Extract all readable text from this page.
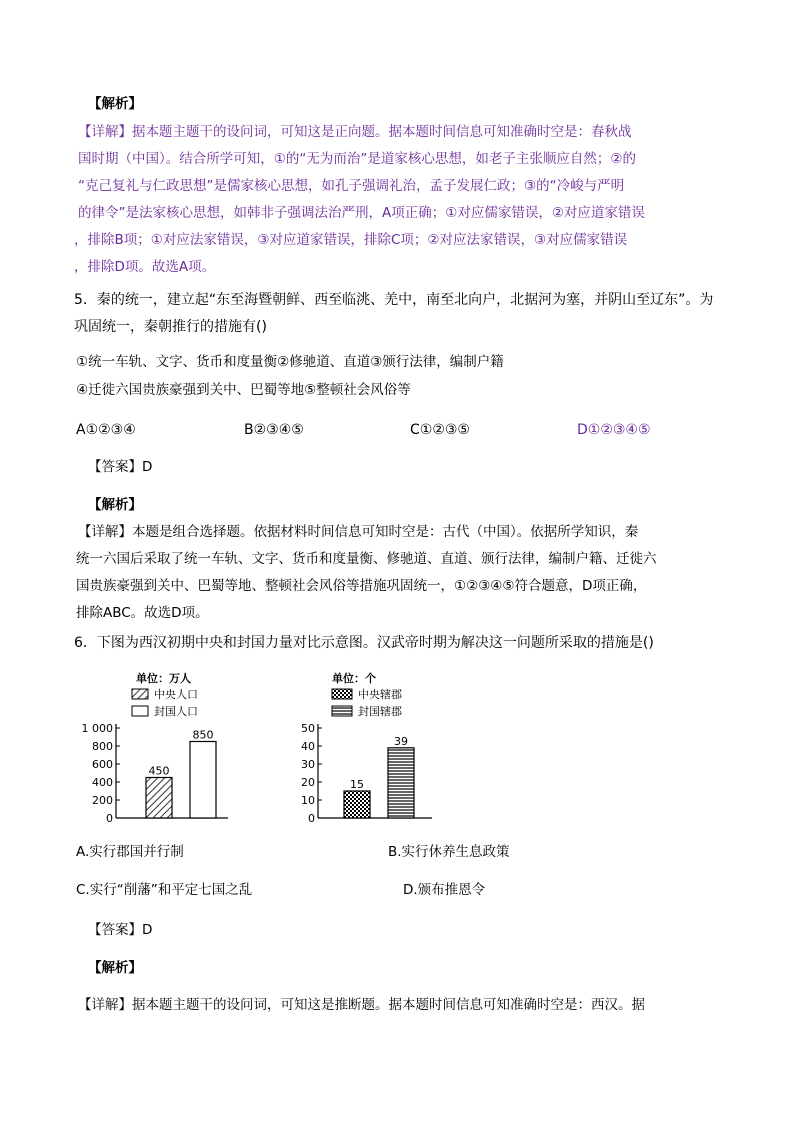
【解析】
【详解】据本题主题干的设问词，可知这是正向题。据本题时间信息可知准确时空是：春秋战
国时期（中国）。结合所学可知，①的“无为而治”是道家核心思想，如老子主张顺应自然；②的
“克己复礼与仁政思想”是儒家核心思想，如孔子强调礼治，孟子发展仁政；③的“冷峻与严明
的律令”是法家核心思想，如韩非子强调法治严刑，A项正确；①对应儒家错误，②对应道家错误
，排除B项；①对应法家错误，③对应道家错误，排除C项；②对应法家错误，③对应儒家错误
，排除D项。故选A项。
5．秦的统一，建立起“东至海暨朝鲜、西至临洮、羌中，南至北向户，北据河为塞，并阴山至辽东”。为
巩固统一，秦朝推行的措施有()
①统一车轨、文字、货币和度量衡②修驰道、直道③颁行法律，编制户籍
④迁徙六国贵族豪强到关中、巴蜀等地⑤整顿社会风俗等
A①②③④	B②③④⑤	C①②③⑤	D①②③④⑤
【答案】D
【解析】
【详解】本题是组合选择题。依据材料时间信息可知时空是：古代（中国）。依据所学知识，秦
统一六国后采取了统一车轨、文字、货币和度量衡、修驰道、直道、颁行法律，编制户籍、迁徙六
国贵族豪强到关中、巴蜀等地、整顿社会风俗等措施巩固统一，①②③④⑤符合题意，D项正确，
排除ABC。故选D项。
6．下图为西汉初期中央和封国力量对比示意图。汉武帝时期为解决这一问题所采取的措施是()
单位：万人
中央人口
封国人口
1 000
800
600
400
200
0
450
850
单位：个
中央辖郡
封国辖郡
50
40
30
20
10
0
15
39
A.实行郡国并行制	B.实行休养生息政策
C.实行“削藩”和平定七国之乱	D.颁布推恩令
【答案】D
【解析】
【详解】据本题主题干的设问词，可知这是推断题。据本题时间信息可知准确时空是：西汉。据
